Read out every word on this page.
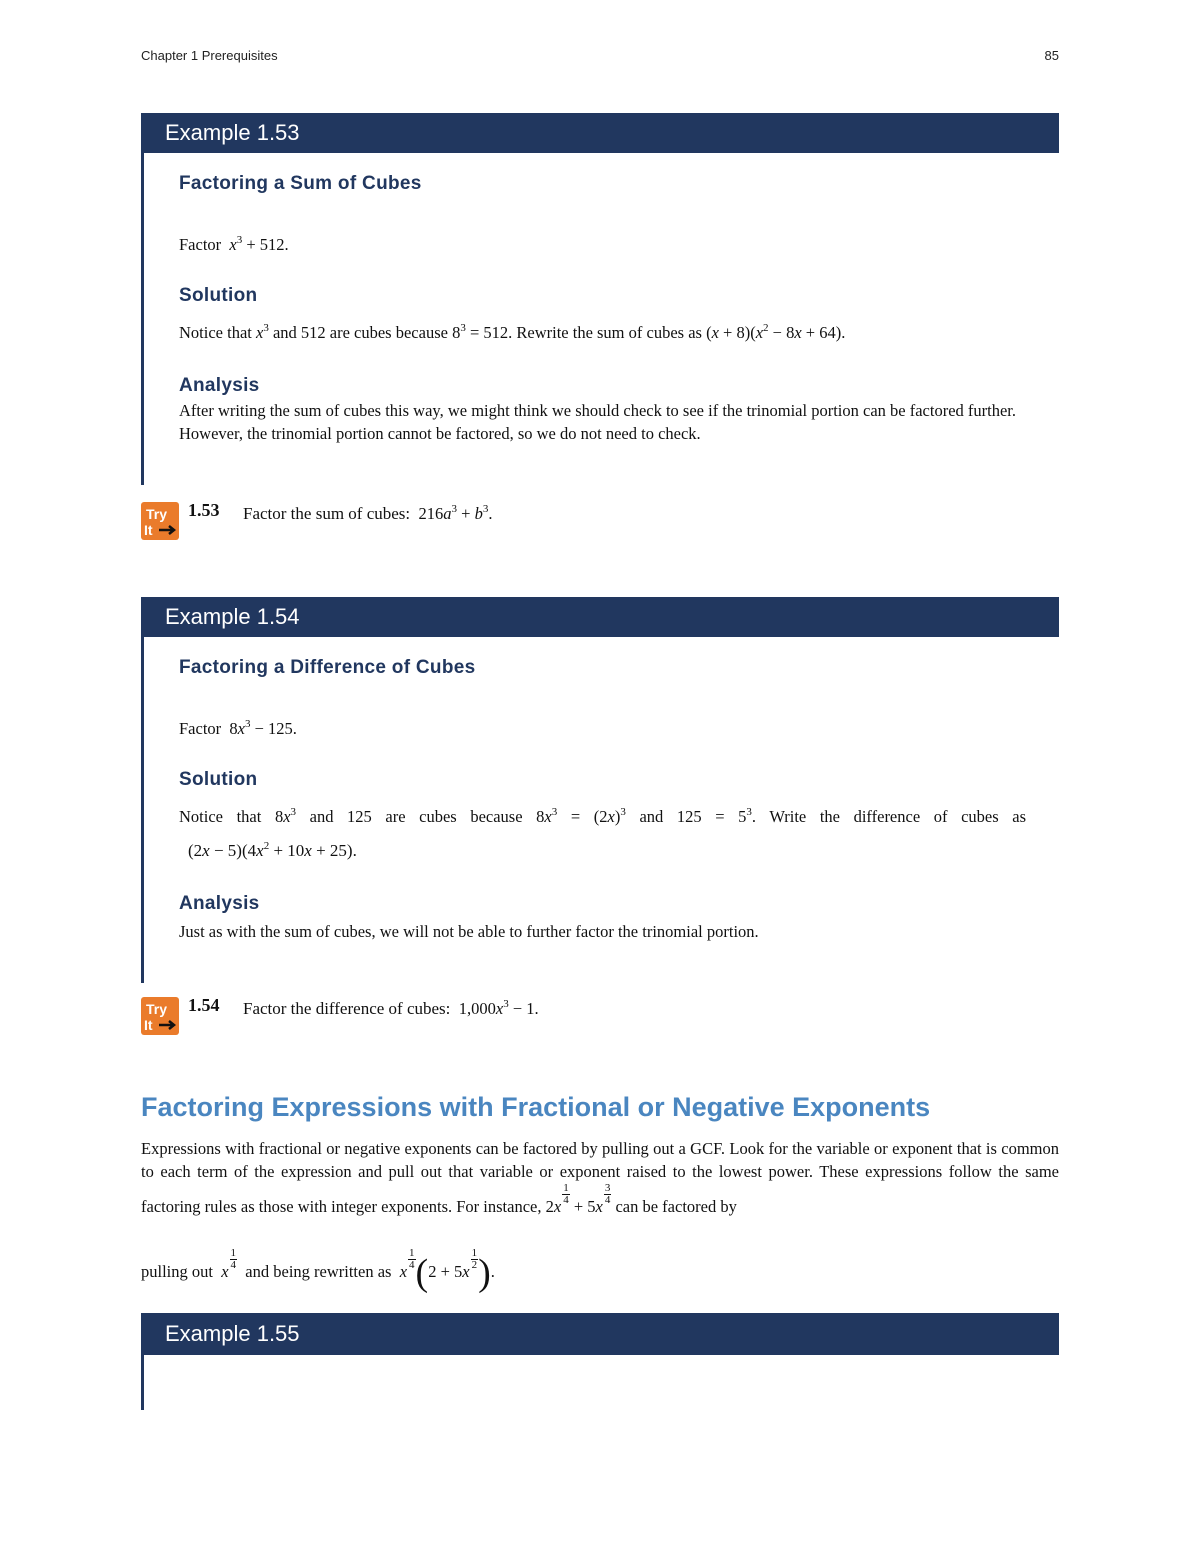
Chapter 1 Prerequisites	85
Example 1.53
Factoring a Sum of Cubes
Factor $x^3 + 512$.
Solution
Notice that $x^3$ and 512 are cubes because $8^3 = 512$. Rewrite the sum of cubes as $(x + 8)(x^2 - 8x + 64)$.
Analysis
After writing the sum of cubes this way, we might think we should check to see if the trinomial portion can be factored further. However, the trinomial portion cannot be factored, so we do not need to check.
Try
It
1.53 Factor the sum of cubes:  $216a^3 + b^3$.
Example 1.54
Factoring a Difference of Cubes
Factor  $8x^3 - 125$.
Solution
Notice that $8x^3$ and 125 are cubes because $8x^3 = (2x)^3$ and $125 = 5^3$. Write the difference of cubes as
$(2x - 5)(4x^2 + 10x + 25)$.
Analysis
Just as with the sum of cubes, we will not be able to further factor the trinomial portion.
Try
It
1.54 Factor the difference of cubes:  $1,000x^3 - 1$.
Factoring Expressions with Fractional or Negative Exponents
Expressions with fractional or negative exponents can be factored by pulling out a GCF. Look for the variable or exponent that is common to each term of the expression and pull out that variable or exponent raised to the lowest power. These expressions follow the same factoring rules as those with integer exponents. For instance, 2x
$\frac{1}{4}$
+ 5x
$\frac{3}{4}$
can be factored by
pulling out x
$\frac{1}{4}$
and being rewritten as x
$\frac{1}{4} (2 + 5x$
$\frac{1}{2}$ ).
Example 1.55
